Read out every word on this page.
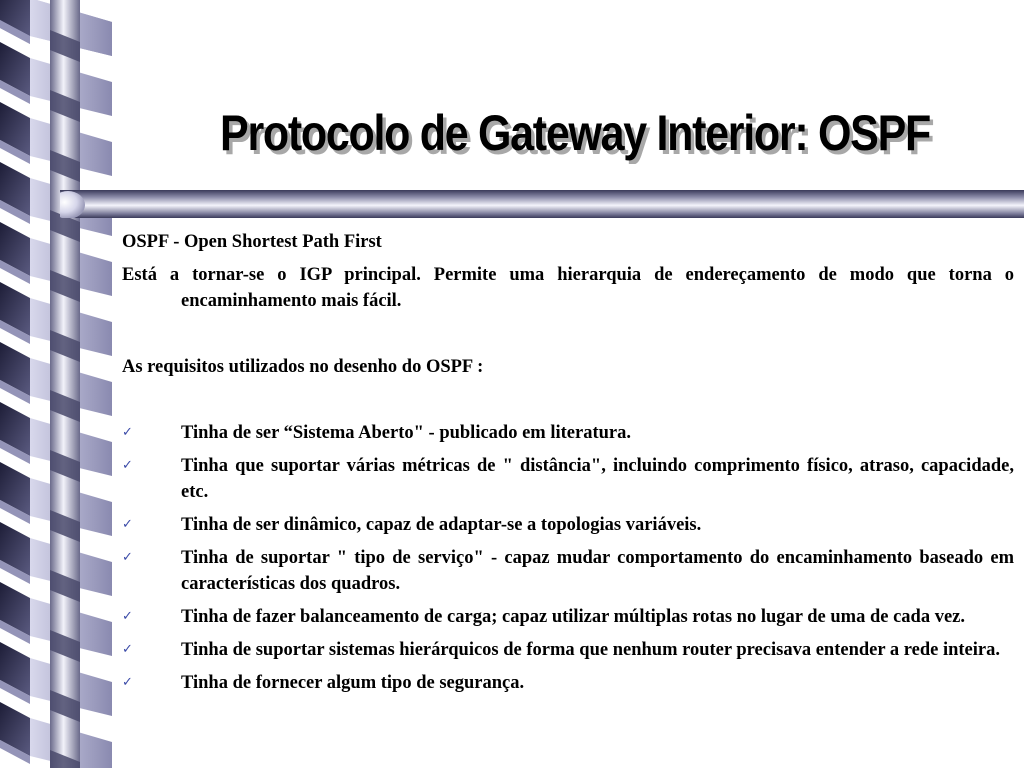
Protocolo de Gateway Interior: OSPF

OSPF - Open Shortest Path First

Está a tornar-se o IGP principal. Permite uma hierarquia de endereçamento de modo que torna o encaminhamento mais fácil.

As requisitos utilizados no desenho do OSPF :

✓	Tinha de ser “Sistema Aberto" - publicado em literatura.
✓	Tinha que suportar várias métricas de " distância", incluindo comprimento físico, atraso, capacidade, etc.
✓	Tinha de ser dinâmico, capaz de adaptar-se a topologias variáveis.
✓	Tinha de suportar " tipo de serviço" - capaz mudar comportamento do encaminhamento baseado em características dos quadros.
✓	Tinha de fazer balanceamento de carga; capaz utilizar múltiplas rotas no lugar de uma de cada vez.
✓	Tinha de suportar sistemas hierárquicos de forma que nenhum router precisava entender a rede inteira.
✓	Tinha de fornecer algum tipo de segurança.
